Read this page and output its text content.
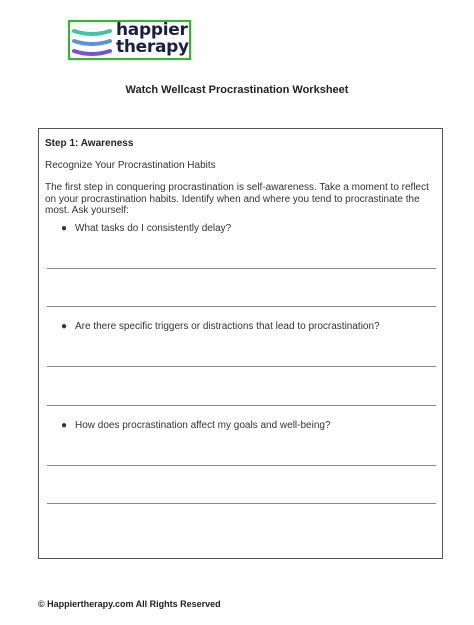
happier
therapy
Watch Wellcast Procrastination Worksheet
Step 1: Awareness
Recognize Your Procrastination Habits
The first step in conquering procrastination is self-awareness. Take a moment to reflect on your procrastination habits. Identify when and where you tend to procrastinate the most. Ask yourself:
● What tasks do I consistently delay?
● Are there specific triggers or distractions that lead to procrastination?
● How does procrastination affect my goals and well-being?
© Happiertherapy.com All Rights Reserved
